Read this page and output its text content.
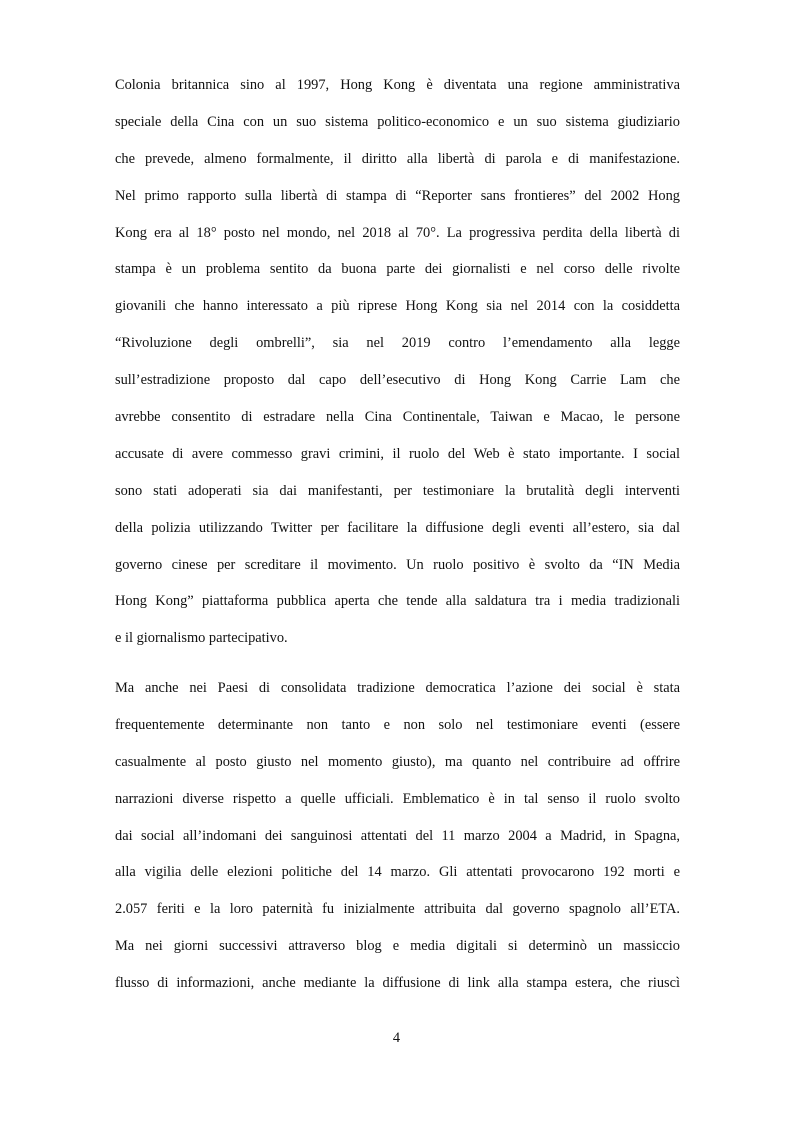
Colonia britannica sino al 1997, Hong Kong è diventata una regione amministrativa
speciale della Cina con un suo sistema politico-economico e un suo sistema giudiziario
che prevede, almeno formalmente, il diritto alla libertà di parola e di manifestazione.
Nel primo rapporto sulla libertà di stampa di “Reporter sans frontieres” del 2002 Hong
Kong era al 18° posto nel mondo, nel 2018 al 70°. La progressiva perdita della libertà di
stampa è un problema sentito da buona parte dei giornalisti e nel corso delle rivolte
giovanili che hanno interessato a più riprese Hong Kong sia nel 2014 con la cosiddetta
“Rivoluzione degli ombrelli”, sia nel 2019 contro l’emendamento alla legge
sull’estradizione proposto dal capo dell’esecutivo di Hong Kong Carrie Lam che
avrebbe consentito di estradare nella Cina Continentale, Taiwan e Macao, le persone
accusate di avere commesso gravi crimini, il ruolo del Web è stato importante. I social
sono stati adoperati sia dai manifestanti, per testimoniare la brutalità degli interventi
della polizia utilizzando Twitter per facilitare la diffusione degli eventi all’estero, sia dal
governo cinese per screditare il movimento. Un ruolo positivo è svolto da “IN Media
Hong Kong” piattaforma pubblica aperta che tende alla saldatura tra i media tradizionali
e il giornalismo partecipativo.

Ma anche nei Paesi di consolidata tradizione democratica l’azione dei social è stata
frequentemente determinante non tanto e non solo nel testimoniare eventi (essere
casualmente al posto giusto nel momento giusto), ma quanto nel contribuire ad offrire
narrazioni diverse rispetto a quelle ufficiali. Emblematico è in tal senso il ruolo svolto
dai social all’indomani dei sanguinosi attentati del 11 marzo 2004 a Madrid, in Spagna,
alla vigilia delle elezioni politiche del 14 marzo. Gli attentati provocarono 192 morti e
2.057 feriti e la loro paternità fu inizialmente attribuita dal governo spagnolo all’ETA.
Ma nei giorni successivi attraverso blog e media digitali si determinò un massiccio
flusso di informazioni, anche mediante la diffusione di link alla stampa estera, che riuscì

4
